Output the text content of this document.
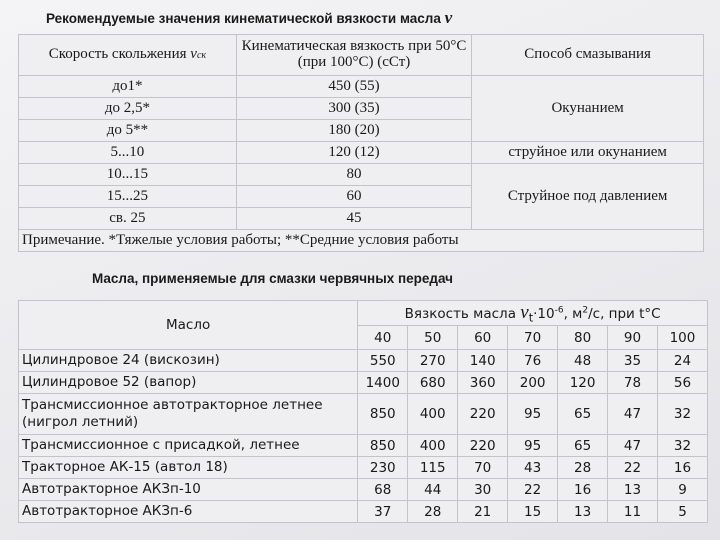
Рекомендуемые значения кинематической вязкости масла ν
Скорость скольжения νск	Кинематическая вязкость при 50°С (при 100°С) (сСт)	Способ смазывания
до1*	450 (55)	Окунанием
до 2,5*	300 (35)	
до 5**	180 (20)	
5...10	120 (12)	струйное или окунанием
10...15	80	Струйное под давлением
15...25	60	
св. 25	45	
Примечание. *Тяжелые условия работы; **Средние условия работы		
Масла, применяемые для смазки червячных передач
Масло	Вязкость масла $\nu_t\cdot 10^{-6}$, $м^2/с$, при t°C						
	40	50	60	70	80	90	100
Цилиндровое 24 (вискозин)	550	270	140	76	48	35	24
Цилиндровое 52 (вапор)	1400	680	360	200	120	78	56
Трансмиссионное автотракторное летнее (нигрол летний)	850	400	220	95	65	47	32
Трансмиссионное с присадкой, летнее	850	400	220	95	65	47	32
Тракторное АК-15 (автол 18)	230	115	70	43	28	22	16
Автотракторное АКЗп-10	68	44	30	22	16	13	9
Автотракторное АКЗп-6	37	28	21	15	13	11	5
